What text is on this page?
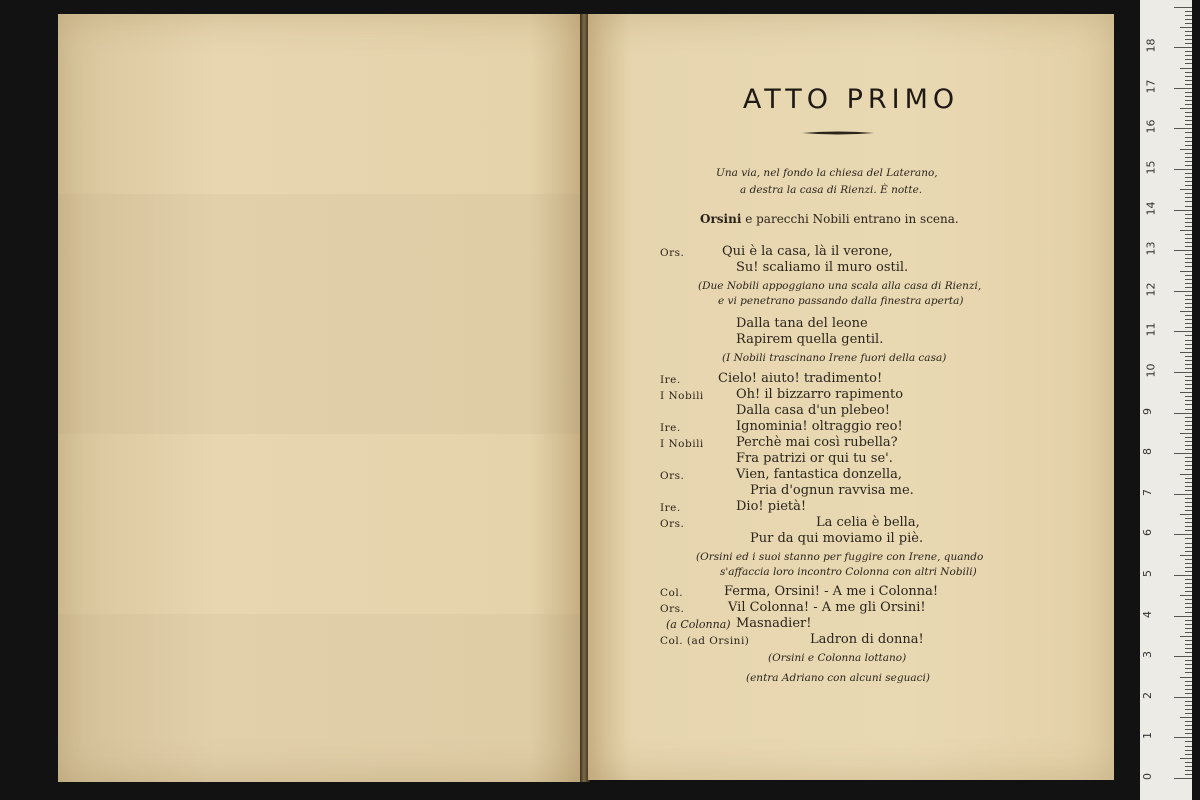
ATTO PRIMO
Una via, nel fondo la chiesa del Laterano,
a destra la casa di Rienzi. È notte.
Orsini e parecchi Nobili entrano in scena.
Ors.	Qui è la casa, là il verone,
Su! scaliamo il muro ostil.
(Due Nobili appoggiano una scala alla casa di Rienzi,
e vi penetrano passando dalla finestra aperta)
Dalla tana del leone
Rapirem quella gentil.
(I Nobili trascinano Irene fuori della casa)
Ire.	Cielo! aiuto! tradimento!
I Nobili Oh! il bizzarro rapimento
Dalla casa d'un plebeo!
Ire.	Ignominia! oltraggio reo!
I Nobili Perchè mai così rubella?
Fra patrizi or qui tu se'.
Ors.	Vien, fantastica donzella,
Pria d'ognun ravvisa me.
Ire.	Dio! pietà!
Ors.	La celia è bella,
Pur da qui moviamo il piè.
(Orsini ed i suoi stanno per fuggire con Irene, quando
s'affaccia loro incontro Colonna con altri Nobili)
Col.	Ferma, Orsini! - A me i Colonna!
Ors.	Vil Colonna! - A me gli Orsini!
(a Colonna) Masnadier!
Col. (ad Orsini)	Ladron di donna!
(Orsini e Colonna lottano)
(entra Adriano con alcuni seguaci)
0
1
2
3
4
5
6
7
8
9
10
11
12
13
14
15
16
17
18
